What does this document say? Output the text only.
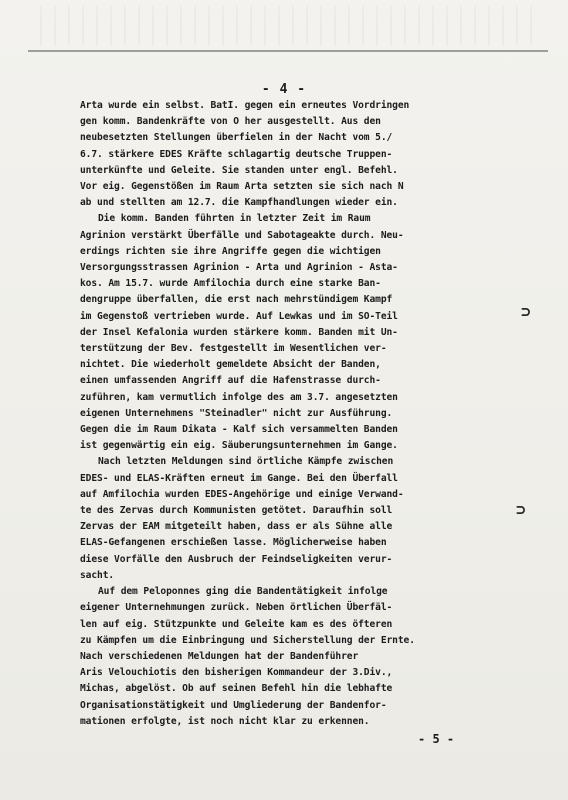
- 4 -
Arta wurde ein selbst. BatI. gegen ein erneutes Vordringen
gen komm. Bandenkräfte von O her ausgestellt. Aus den
neubesetzten Stellungen überfielen in der Nacht vom 5./
6.7. stärkere EDES Kräfte schlagartig deutsche Truppen-
unterkünfte und Geleite. Sie standen unter engl. Befehl.
Vor eig. Gegenstößen im Raum Arta setzten sie sich nach N
ab und stellten am 12.7. die Kampfhandlungen wieder ein.
Die komm. Banden führten in letzter Zeit im Raum
Agrinion verstärkt Überfälle und Sabotageakte durch. Neu-
erdings richten sie ihre Angriffe gegen die wichtigen
Versorgungsstrassen Agrinion - Arta und Agrinion - Asta-
kos. Am 15.7. wurde Amfilochia durch eine starke Ban-
dengruppe überfallen, die erst nach mehrstündigem Kampf
im Gegenstoß vertrieben wurde. Auf Lewkas und im SO-Teil
der Insel Kefalonia wurden stärkere komm. Banden mit Un-
terstützung der Bev. festgestellt im Wesentlichen ver-
nichtet. Die wiederholt gemeldete Absicht der Banden,
einen umfassenden Angriff auf die Hafenstrasse durch-
zuführen, kam vermutlich infolge des am 3.7. angesetzten
eigenen Unternehmens "Steinadler" nicht zur Ausführung.
Gegen die im Raum Dikata - Kalf sich versammelten Banden
ist gegenwärtig ein eig. Säuberungsunternehmen im Gange.
Nach letzten Meldungen sind örtliche Kämpfe zwischen
EDES- und ELAS-Kräften erneut im Gange. Bei den Überfall
auf Amfilochia wurden EDES-Angehörige und einige Verwand-
te des Zervas durch Kommunisten getötet. Daraufhin soll
Zervas der EAM mitgeteilt haben, dass er als Sühne alle
ELAS-Gefangenen erschießen lasse. Möglicherweise haben
diese Vorfälle den Ausbruch der Feindseligkeiten verur-
sacht.
Auf dem Peloponnes ging die Bandentätigkeit infolge
eigener Unternehmungen zurück. Neben örtlichen Überfäl-
len auf eig. Stützpunkte und Geleite kam es des öfteren
zu Kämpfen um die Einbringung und Sicherstellung der Ernte.
Nach verschiedenen Meldungen hat der Bandenführer
Aris Velouchiotis den bisherigen Kommandeur der 3.Div.,
Michas, abgelöst. Ob auf seinen Befehl hin die lebhafte
Organisationstätigkeit und Umgliederung der Bandenfor-
mationen erfolgte, ist noch nicht klar zu erkennen.
⊃
⊃
- 5 -
